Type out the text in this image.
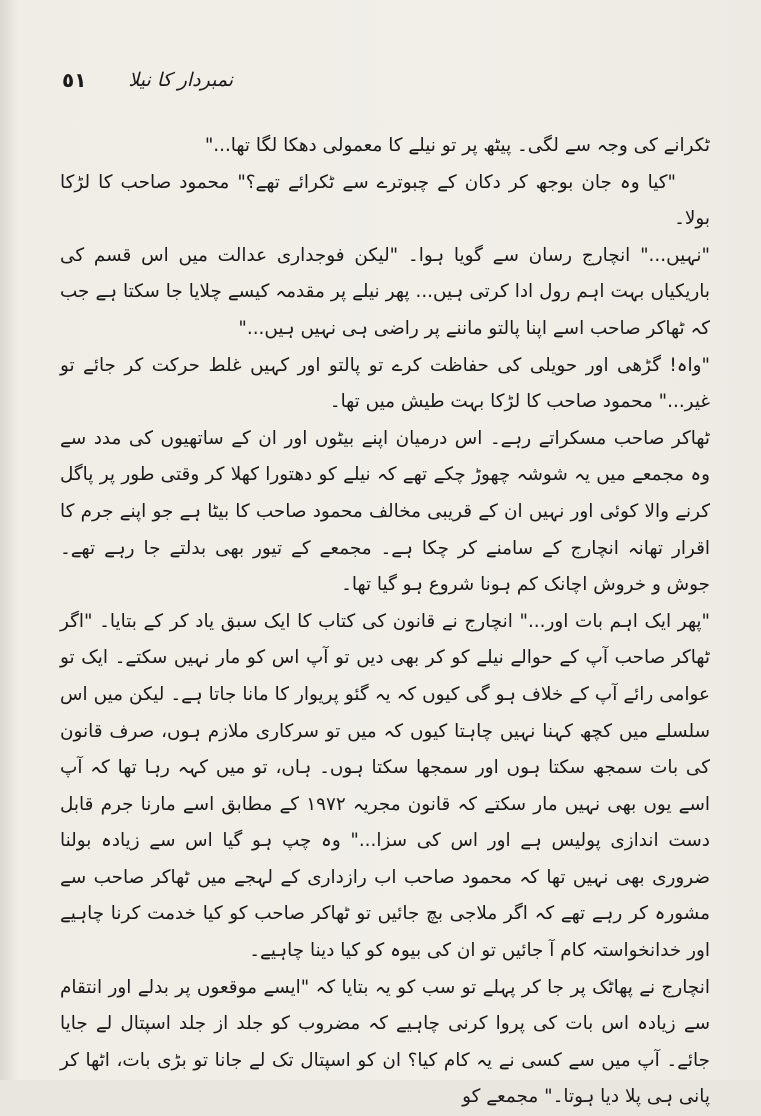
٥١ نمبردار کا نیلا

ٹکرانے کی وجہ سے لگی۔ پیٹھ پر تو نیلے کا معمولی دھکا لگا تھا..."

"کیا وہ جان بوجھ کر دکان کے چبوترے سے ٹکرائے تھے؟" محمود صاحب کا لڑکا بولا۔

"نہیں..." انچارج رسان سے گویا ہوا۔ "لیکن فوجداری عدالت میں اس قسم کی باریکیاں بہت اہم رول ادا کرتی ہیں... پھر نیلے پر مقدمہ کیسے چلایا جا سکتا ہے جب کہ ٹھاکر صاحب اسے اپنا پالتو ماننے پر راضی ہی نہیں ہیں..."

"واہ! گڑھی اور حویلی کی حفاظت کرے تو پالتو اور کہیں غلط حرکت کر جائے تو غیر..." محمود صاحب کا لڑکا بہت طیش میں تھا۔

ٹھاکر صاحب مسکراتے رہے۔ اس درمیان اپنے بیٹوں اور ان کے ساتھیوں کی مدد سے وہ مجمعے میں یہ شوشہ چھوڑ چکے تھے کہ نیلے کو دھتورا کھلا کر وقتی طور پر پاگل کرنے والا کوئی اور نہیں ان کے قریبی مخالف محمود صاحب کا بیٹا ہے جو اپنے جرم کا اقرار تھانہ انچارج کے سامنے کر چکا ہے۔ مجمعے کے تیور بھی بدلتے جا رہے تھے۔ جوش و خروش اچانک کم ہونا شروع ہو گیا تھا۔

"پھر ایک اہم بات اور..." انچارج نے قانون کی کتاب کا ایک سبق یاد کر کے بتایا۔ "اگر ٹھاکر صاحب آپ کے حوالے نیلے کو کر بھی دیں تو آپ اس کو مار نہیں سکتے۔ ایک تو عوامی رائے آپ کے خلاف ہو گی کیوں کہ یہ گئو پریوار کا مانا جاتا ہے۔ لیکن میں اس سلسلے میں کچھ کہنا نہیں چاہتا کیوں کہ میں تو سرکاری ملازم ہوں، صرف قانون کی بات سمجھ سکتا ہوں اور سمجھا سکتا ہوں۔ ہاں، تو میں کہہ رہا تھا کہ آپ اسے یوں بھی نہیں مار سکتے کہ قانون مجریہ ۱۹۷۲ کے مطابق اسے مارنا جرم قابل دست اندازی پولیس ہے اور اس کی سزا..." وہ چپ ہو گیا اس سے زیادہ بولنا ضروری بھی نہیں تھا کہ محمود صاحب اب رازداری کے لہجے میں ٹھاکر صاحب سے مشورہ کر رہے تھے کہ اگر ملاجی بچ جائیں تو ٹھاکر صاحب کو کیا خدمت کرنا چاہیے اور خدانخواستہ کام آ جائیں تو ان کی بیوہ کو کیا دینا چاہیے۔

انچارج نے پھاٹک پر جا کر پہلے تو سب کو یہ بتایا کہ "ایسے موقعوں پر بدلے اور انتقام سے زیادہ اس بات کی پروا کرنی چاہیے کہ مضروب کو جلد از جلد اسپتال لے جایا جائے۔ آپ میں سے کسی نے یہ کام کیا؟ ان کو اسپتال تک لے جانا تو بڑی بات، اٹھا کر پانی ہی پلا دیا ہوتا۔" مجمعے کو
